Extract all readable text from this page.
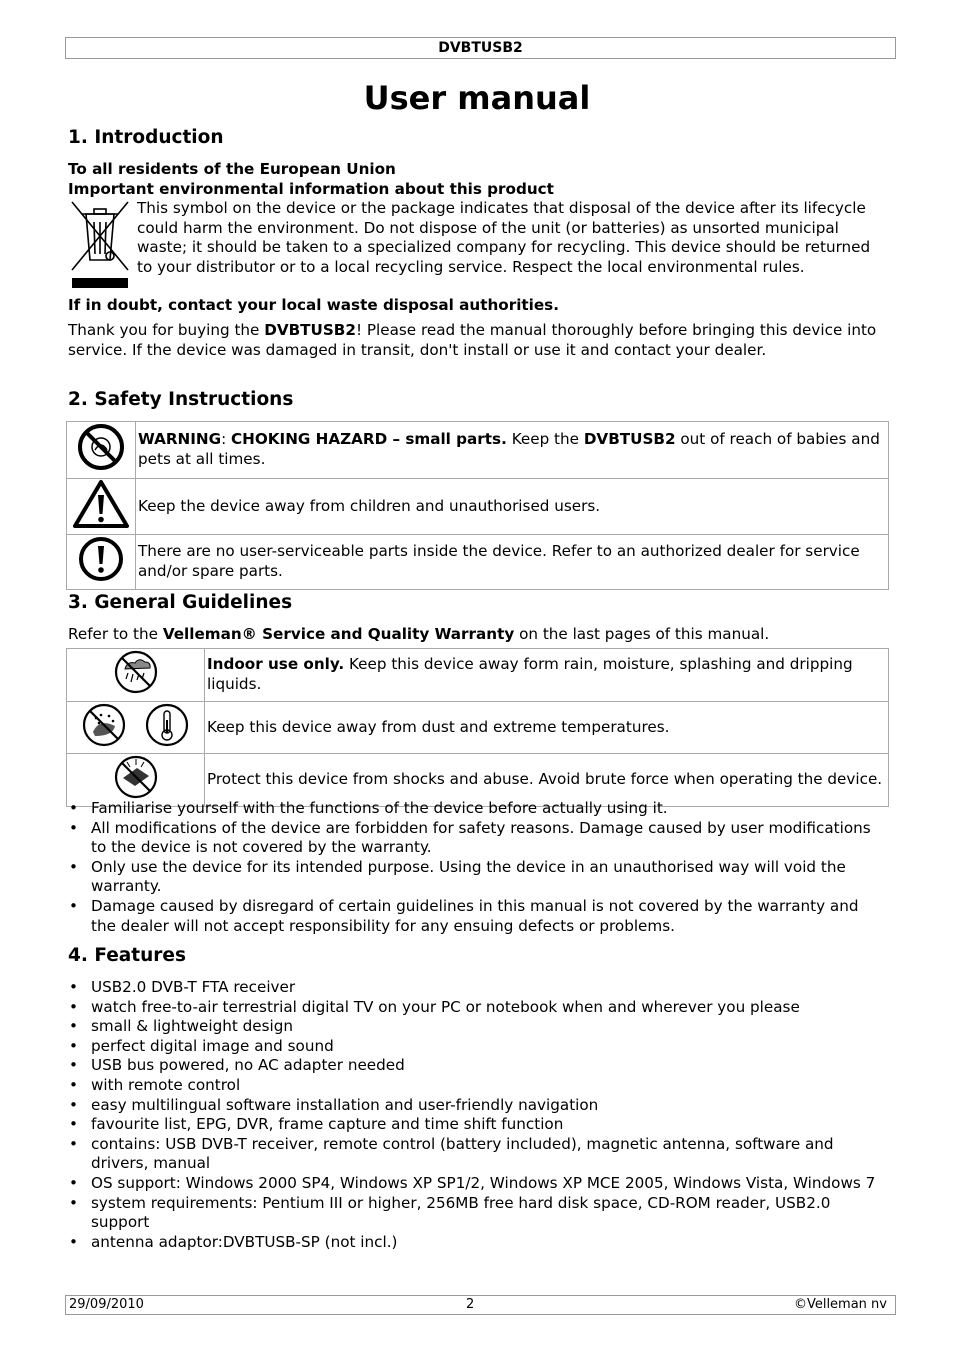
DVBTUSB2
User manual
1. Introduction
To all residents of the European Union
Important environmental information about this product
This symbol on the device or the package indicates that disposal of the device after its lifecycle could harm the environment. Do not dispose of the unit (or batteries) as unsorted municipal waste; it should be taken to a specialized company for recycling. This device should be returned to your distributor or to a local recycling service. Respect the local environmental rules.
If in doubt, contact your local waste disposal authorities.
Thank you for buying the DVBTUSB2! Please read the manual thoroughly before bringing this device into service. If the device was damaged in transit, don't install or use it and contact your dealer.
2. Safety Instructions
	WARNING: CHOKING HAZARD – small parts. Keep the DVBTUSB2 out of reach of babies and pets at all times.
	Keep the device away from children and unauthorised users.
	There are no user-serviceable parts inside the device. Refer to an authorized dealer for service and/or spare parts.
3. General Guidelines
Refer to the Velleman® Service and Quality Warranty on the last pages of this manual.
	Indoor use only. Keep this device away form rain, moisture, splashing and dripping liquids.
	Keep this device away from dust and extreme temperatures.
	Protect this device from shocks and abuse. Avoid brute force when operating the device.
• Familiarise yourself with the functions of the device before actually using it.
• All modifications of the device are forbidden for safety reasons. Damage caused by user modifications to the device is not covered by the warranty.
• Only use the device for its intended purpose. Using the device in an unauthorised way will void the warranty.
• Damage caused by disregard of certain guidelines in this manual is not covered by the warranty and the dealer will not accept responsibility for any ensuing defects or problems.
4. Features
• USB2.0 DVB-T FTA receiver
• watch free-to-air terrestrial digital TV on your PC or notebook when and wherever you please
• small & lightweight design
• perfect digital image and sound
• USB bus powered, no AC adapter needed
• with remote control
• easy multilingual software installation and user-friendly navigation
• favourite list, EPG, DVR, frame capture and time shift function
• contains: USB DVB-T receiver, remote control (battery included), magnetic antenna, software and drivers, manual
• OS support: Windows 2000 SP4, Windows XP SP1/2, Windows XP MCE 2005, Windows Vista, Windows 7
• system requirements: Pentium III or higher, 256MB free hard disk space, CD-ROM reader, USB2.0 support
• antenna adaptor:DVBTUSB-SP (not incl.)
29/09/2010	2	©Velleman nv
